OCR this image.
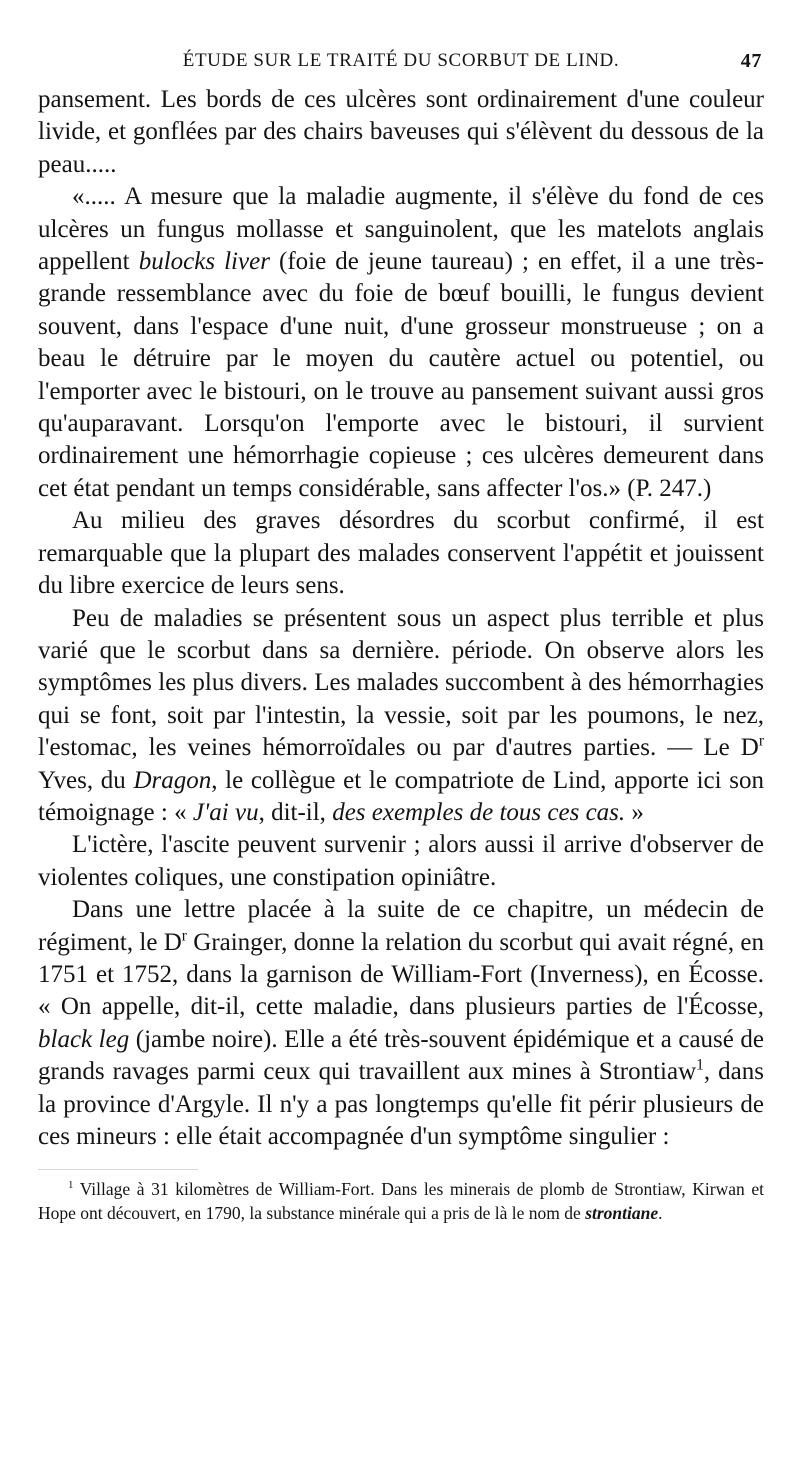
ÉTUDE SUR LE TRAITÉ DU SCORBUT DE LIND.	47

pansement. Les bords de ces ulcères sont ordinairement d'une couleur livide, et gonflées par des chairs baveuses qui s'élèvent du dessous de la peau.....

«..... A mesure que la maladie augmente, il s'élève du fond de ces ulcères un fungus mollasse et sanguinolent, que les matelots anglais appellent bulocks liver (foie de jeune taureau) ; en effet, il a une très-grande ressemblance avec du foie de bœuf bouilli, le fungus devient souvent, dans l'espace d'une nuit, d'une grosseur monstrueuse ; on a beau le détruire par le moyen du cautère actuel ou potentiel, ou l'emporter avec le bistouri, on le trouve au pansement suivant aussi gros qu'auparavant. Lorsqu'on l'emporte avec le bistouri, il survient ordinairement une hémorrhagie copieuse ; ces ulcères demeurent dans cet état pendant un temps considérable, sans affecter l'os.» (P. 247.)

Au milieu des graves désordres du scorbut confirmé, il est remarquable que la plupart des malades conservent l'appétit et jouissent du libre exercice de leurs sens.

Peu de maladies se présentent sous un aspect plus terrible et plus varié que le scorbut dans sa dernière. période. On observe alors les symptômes les plus divers. Les malades succombent à des hémorrhagies qui se font, soit par l'intestin, la vessie, soit par les poumons, le nez, l'estomac, les veines hémorroïdales ou par d'autres parties. — Le $D^r$ Yves, du Dragon, le collègue et le compatriote de Lind, apporte ici son témoignage : « J'ai vu, dit-il, des exemples de tous ces cas. »

L'ictère, l'ascite peuvent survenir ; alors aussi il arrive d'observer de violentes coliques, une constipation opiniâtre.

Dans une lettre placée à la suite de ce chapitre, un médecin de régiment, le $D^r$ Grainger, donne la relation du scorbut qui avait régné, en 1751 et 1752, dans la garnison de William-Fort (Inverness), en Écosse. « On appelle, dit-il, cette maladie, dans plusieurs parties de l'Écosse, black leg (jambe noire). Elle a été très-souvent épidémique et a causé de grands ravages parmi ceux qui travaillent aux mines à Strontiaw$^1$, dans la province d'Argyle. Il n'y a pas longtemps qu'elle fit périr plusieurs de ces mineurs : elle était accompagnée d'un symptôme singulier :

$^1$ Village à 31 kilomètres de William-Fort. Dans les minerais de plomb de Strontiaw, Kirwan et Hope ont découvert, en 1790, la substance minérale qui a pris de là le nom de strontiane.
